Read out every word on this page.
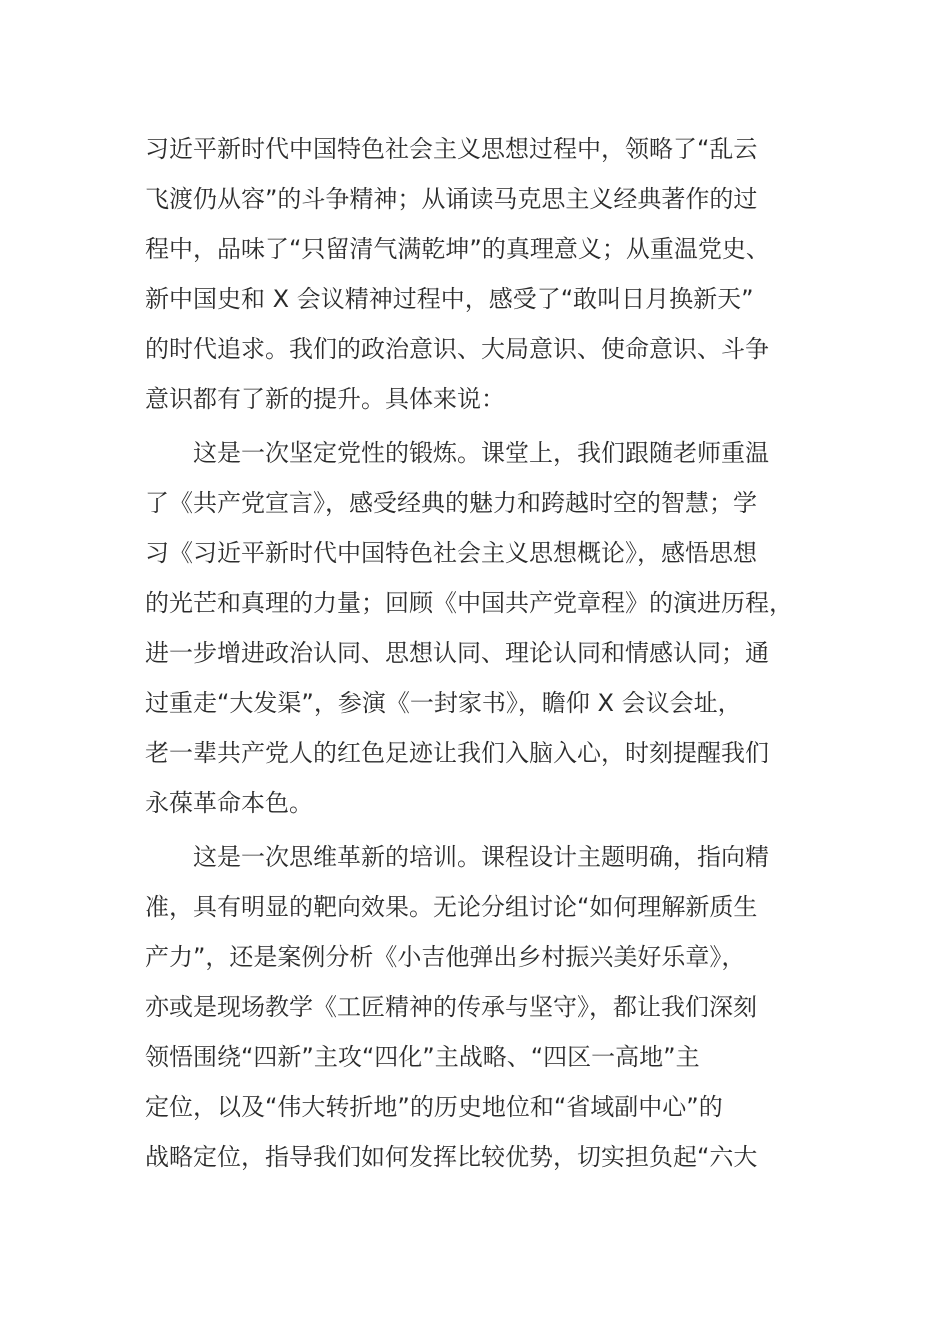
习近平新时代中国特色社会主义思想过程中，领略了“乱云
飞渡仍从容”的斗争精神；从诵读马克思主义经典著作的过
程中，品味了“只留清气满乾坤”的真理意义；从重温党史、
新中国史和 X 会议精神过程中，感受了“敢叫日月换新天”
的时代追求。我们的政治意识、大局意识、使命意识、斗争
意识都有了新的提升。具体来说：
　　这是一次坚定党性的锻炼。课堂上，我们跟随老师重温
了《共产党宣言》，感受经典的魅力和跨越时空的智慧；学
习《习近平新时代中国特色社会主义思想概论》，感悟思想
的光芒和真理的力量；回顾《中国共产党章程》的演进历程，
进一步增进政治认同、思想认同、理论认同和情感认同；通
过重走“大发渠”，参演《一封家书》，瞻仰 X 会议会址，
老一辈共产党人的红色足迹让我们入脑入心，时刻提醒我们
永葆革命本色。
　　这是一次思维革新的培训。课程设计主题明确，指向精
准，具有明显的靶向效果。无论分组讨论“如何理解新质生
产力”，还是案例分析《小吉他弹出乡村振兴美好乐章》，
亦或是现场教学《工匠精神的传承与坚守》，都让我们深刻
领悟围绕“四新”主攻“四化”主战略、“四区一高地”主
定位，以及“伟大转折地”的历史地位和“省域副中心”的
战略定位，指导我们如何发挥比较优势，切实担负起“六大
